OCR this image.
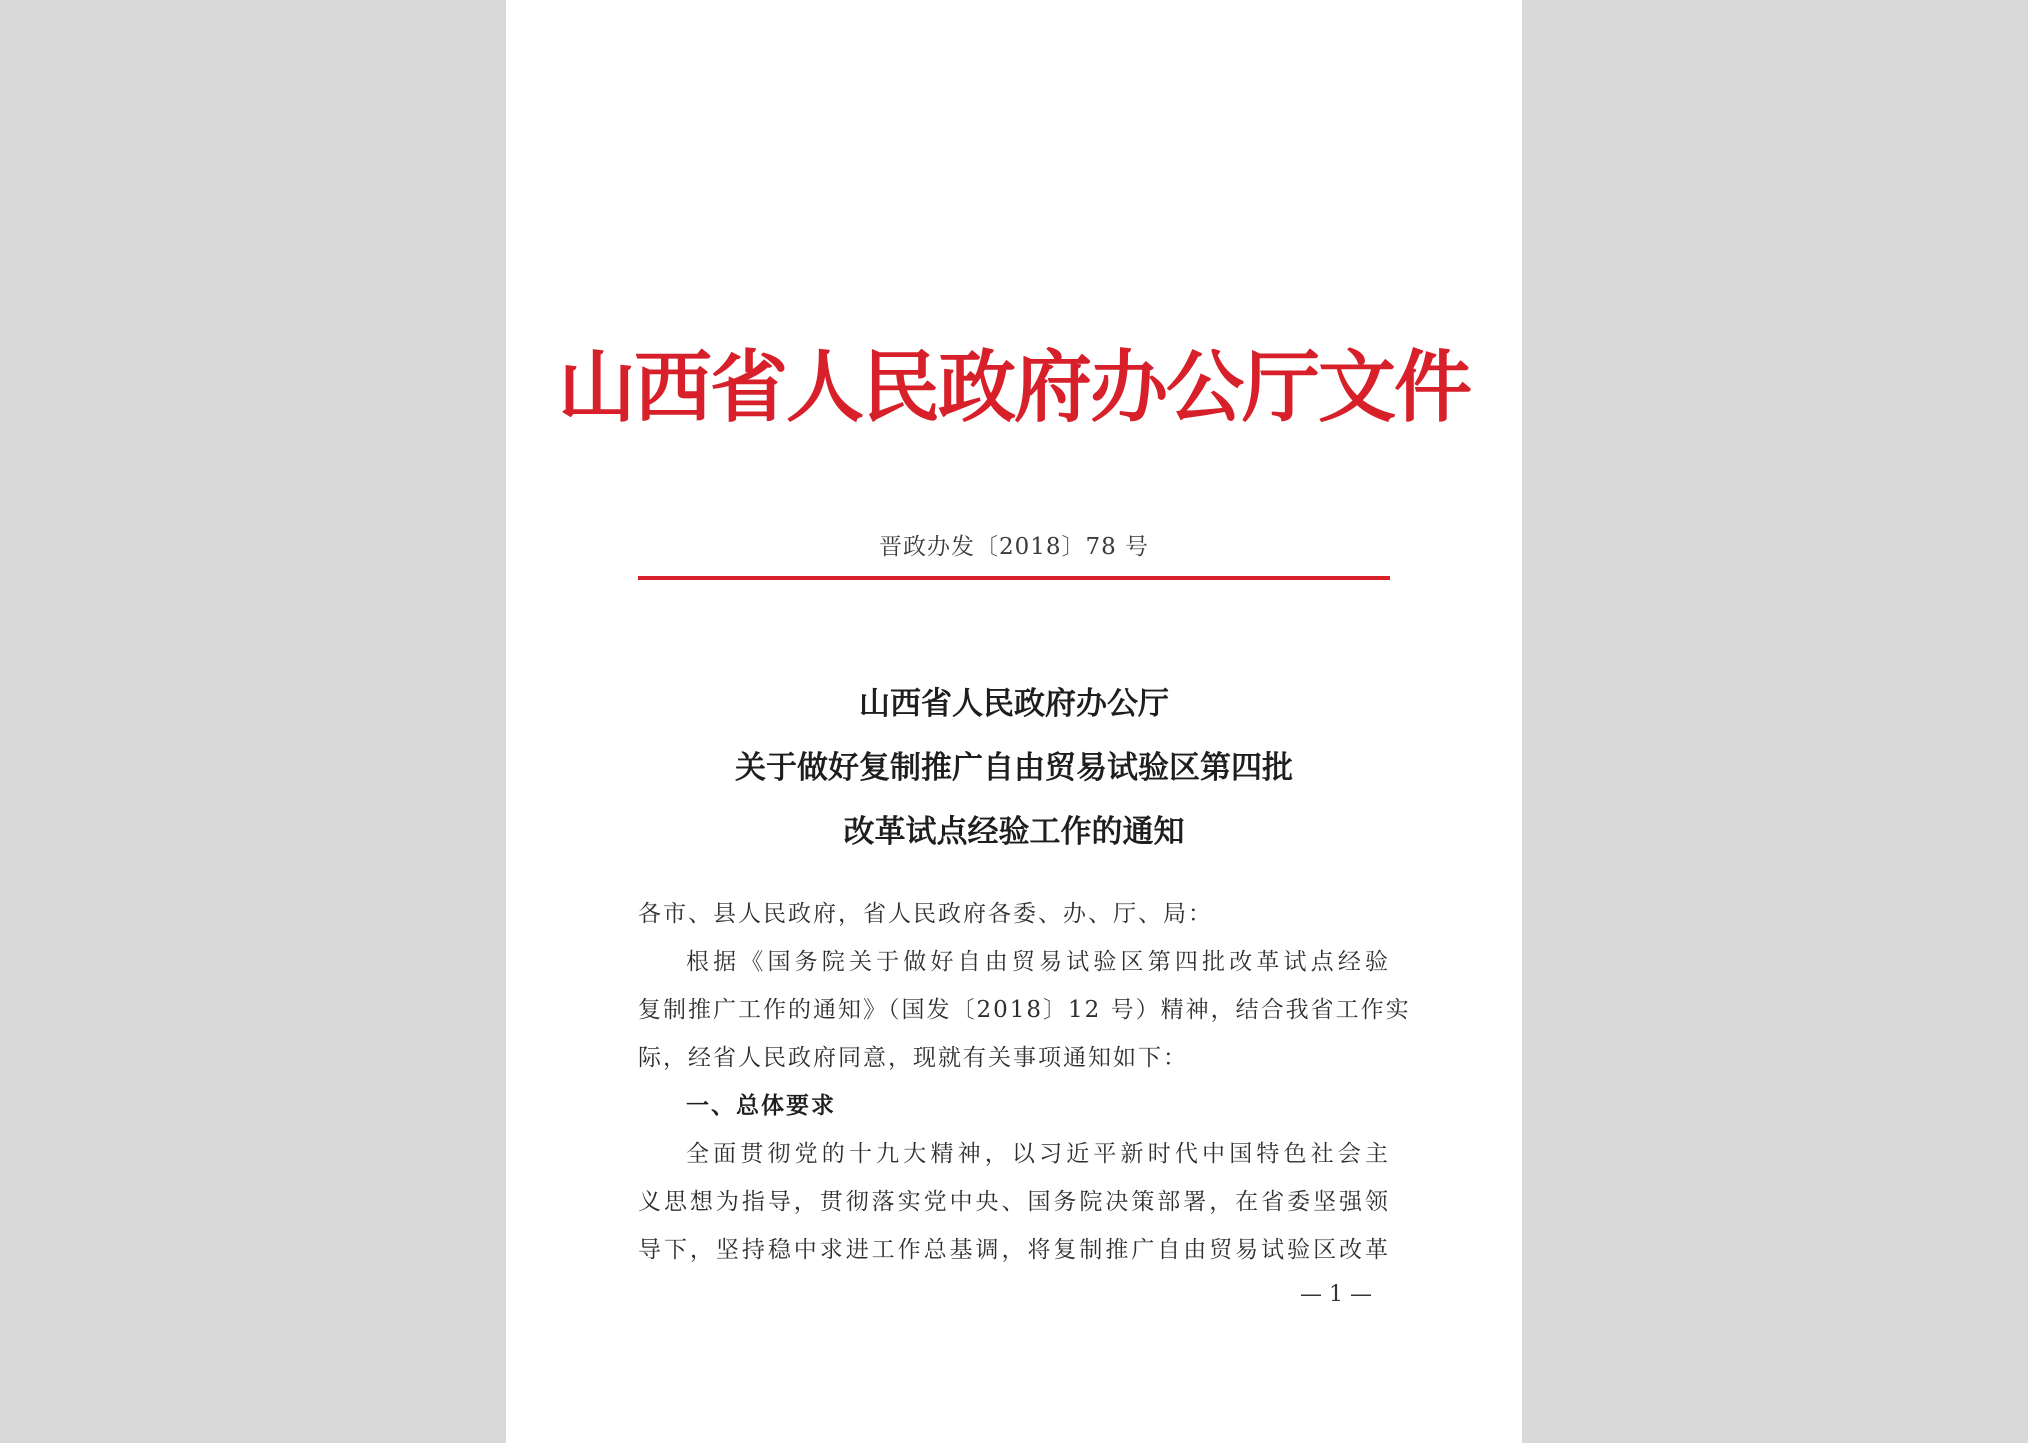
山西省人民政府办公厅文件
晋政办发〔2018〕78 号
山西省人民政府办公厅
关于做好复制推广自由贸易试验区第四批
改革试点经验工作的通知
各市、县人民政府，省人民政府各委、办、厅、局：
根据《国务院关于做好自由贸易试验区第四批改革试点经验
复制推广工作的通知》（国发〔2018〕12 号）精神，结合我省工作实
际，经省人民政府同意，现就有关事项通知如下：
一、总体要求
全面贯彻党的十九大精神，以习近平新时代中国特色社会主
义思想为指导，贯彻落实党中央、国务院决策部署，在省委坚强领
导下，坚持稳中求进工作总基调，将复制推广自由贸易试验区改革
— 1 —
